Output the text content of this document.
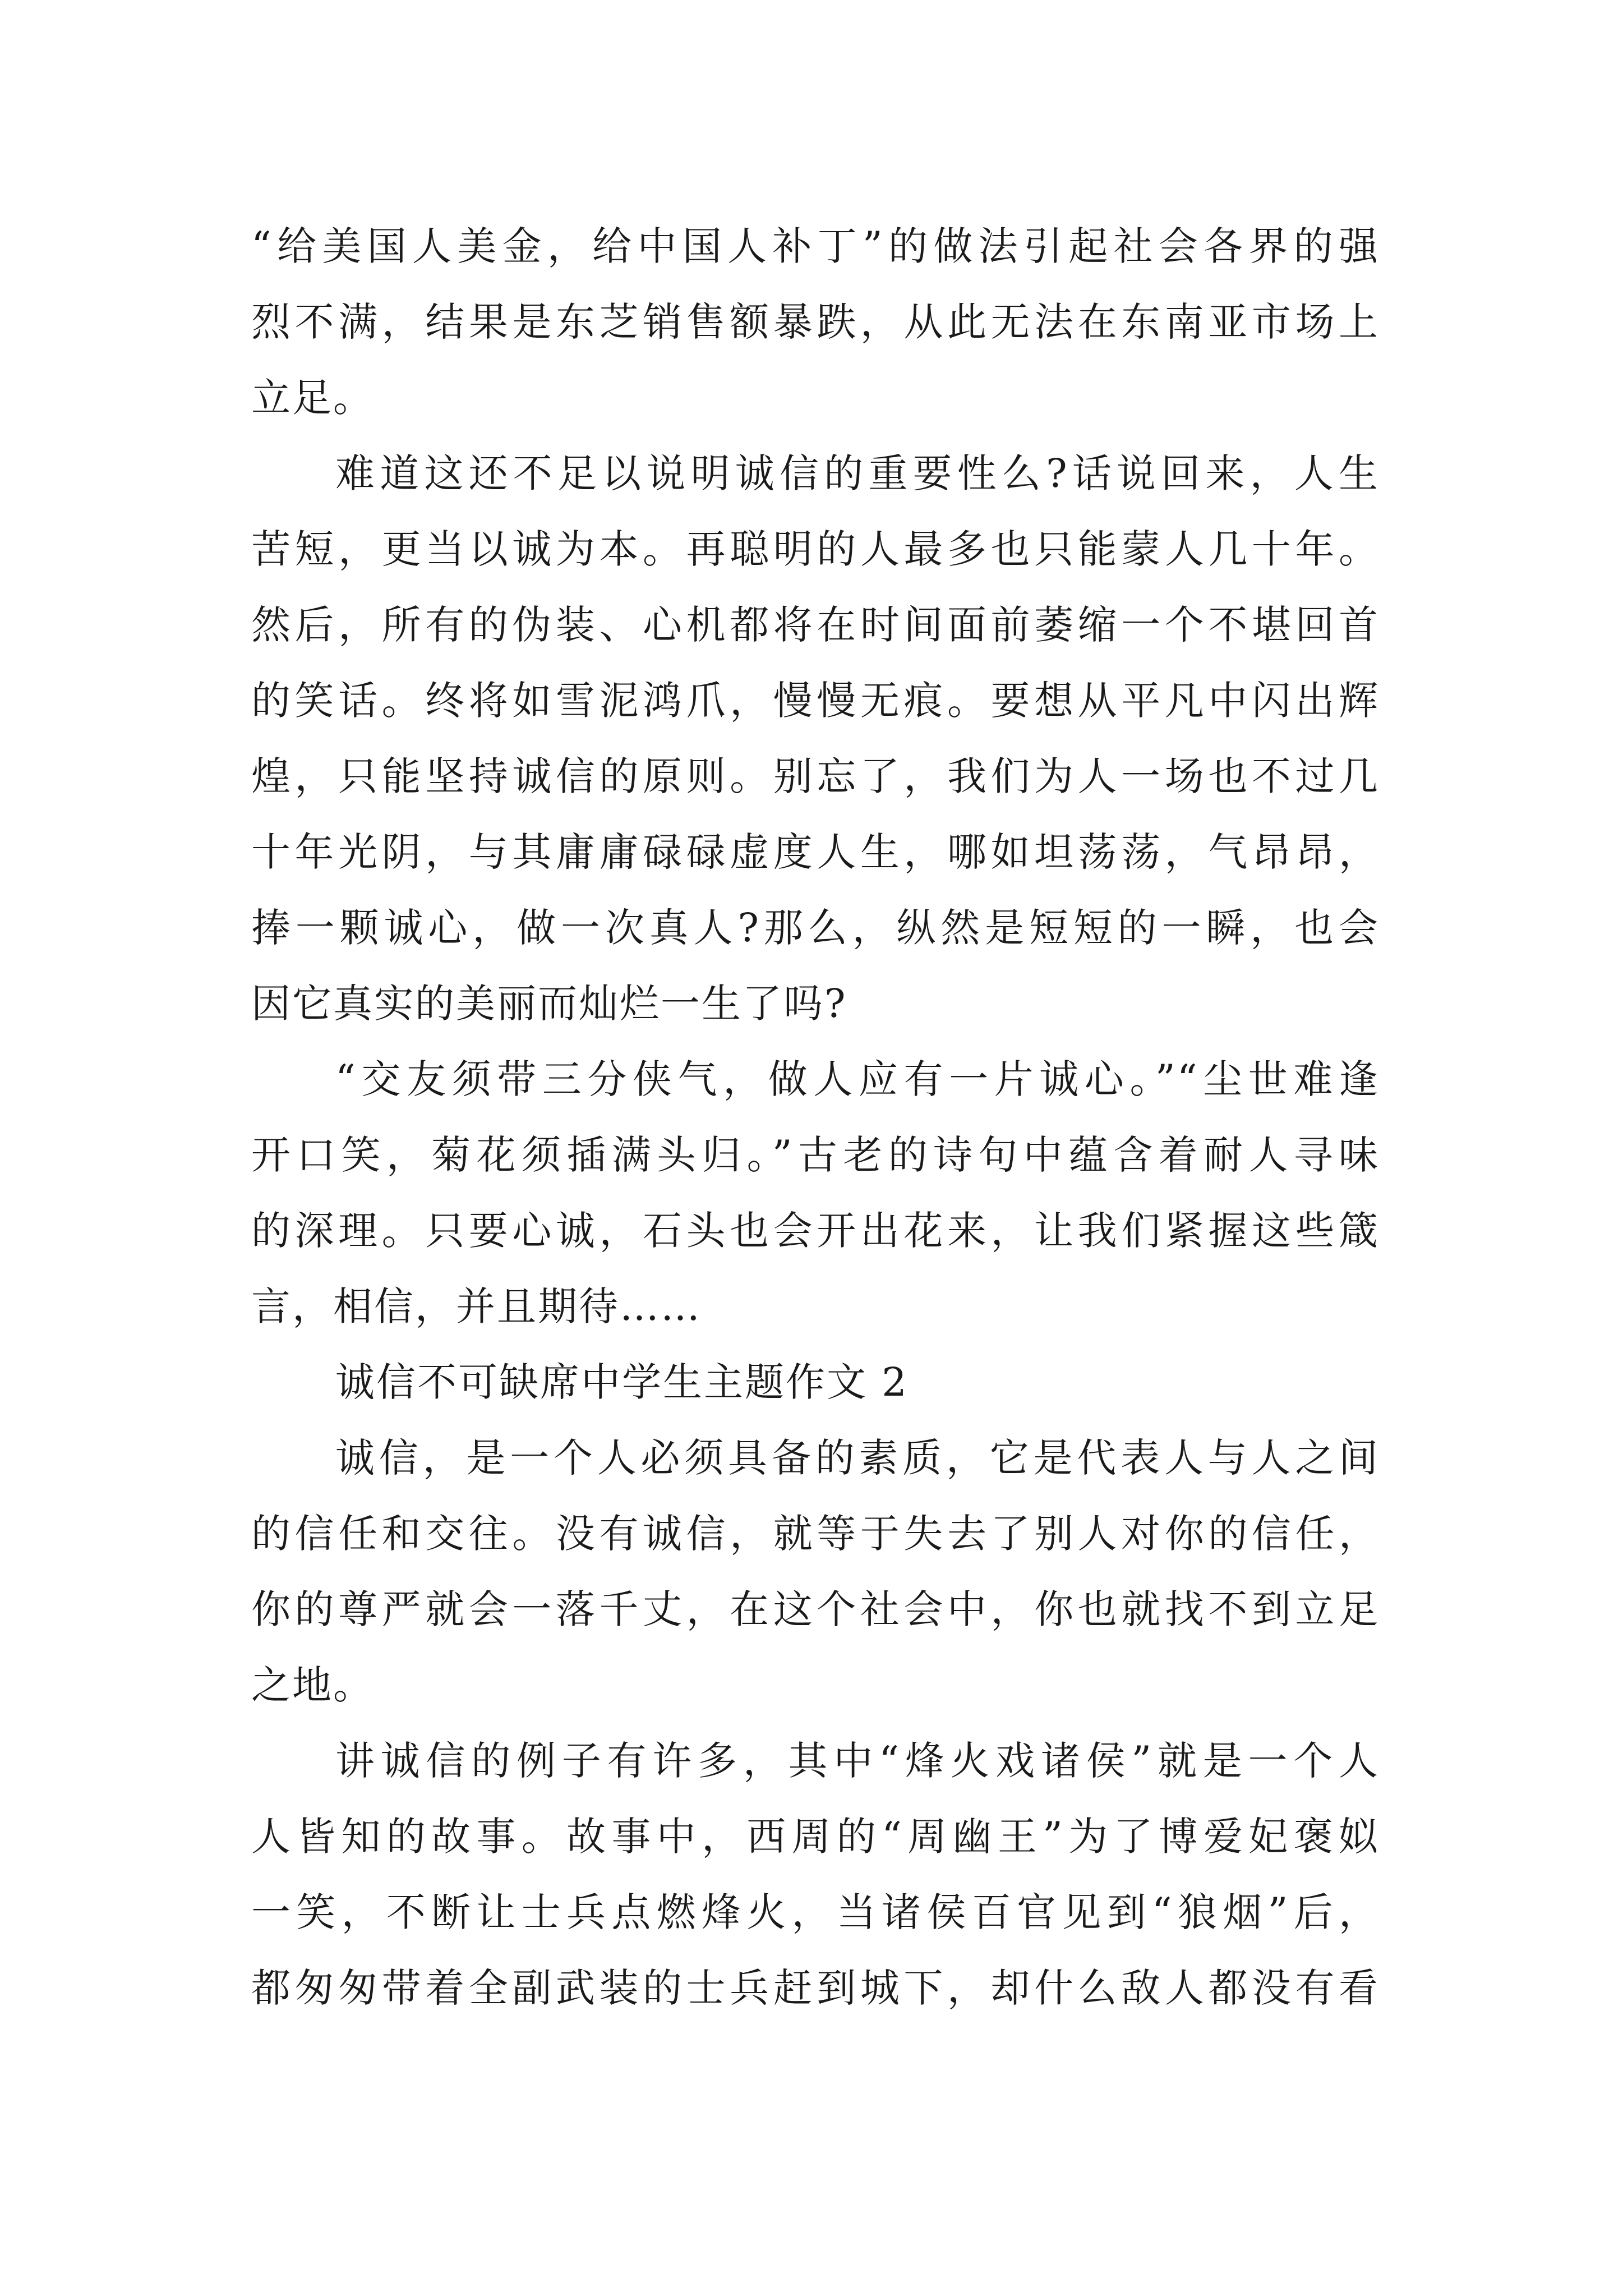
“给美国人美金，给中国人补丁”的做法引起社会各界的强
烈不满，结果是东芝销售额暴跌，从此无法在东南亚市场上
立足。
难道这还不足以说明诚信的重要性么?话说回来，人生
苦短，更当以诚为本。再聪明的人最多也只能蒙人几十年。
然后，所有的伪装、心机都将在时间面前萎缩一个不堪回首
的笑话。终将如雪泥鸿爪，慢慢无痕。要想从平凡中闪出辉
煌，只能坚持诚信的原则。别忘了，我们为人一场也不过几
十年光阴，与其庸庸碌碌虚度人生，哪如坦荡荡，气昂昂，
捧一颗诚心，做一次真人?那么，纵然是短短的一瞬，也会
因它真实的美丽而灿烂一生了吗?
“交友须带三分侠气，做人应有一片诚心。”“尘世难逢
开口笑，菊花须插满头归。”古老的诗句中蕴含着耐人寻味
的深理。只要心诚，石头也会开出花来，让我们紧握这些箴
言，相信，并且期待……
诚信不可缺席中学生主题作文 2
诚信，是一个人必须具备的素质，它是代表人与人之间
的信任和交往。没有诚信，就等于失去了别人对你的信任，
你的尊严就会一落千丈，在这个社会中，你也就找不到立足
之地。
讲诚信的例子有许多，其中“烽火戏诸侯”就是一个人
人皆知的故事。故事中，西周的“周幽王”为了博爱妃褒姒
一笑，不断让士兵点燃烽火，当诸侯百官见到“狼烟”后，
都匆匆带着全副武装的士兵赶到城下，却什么敌人都没有看
